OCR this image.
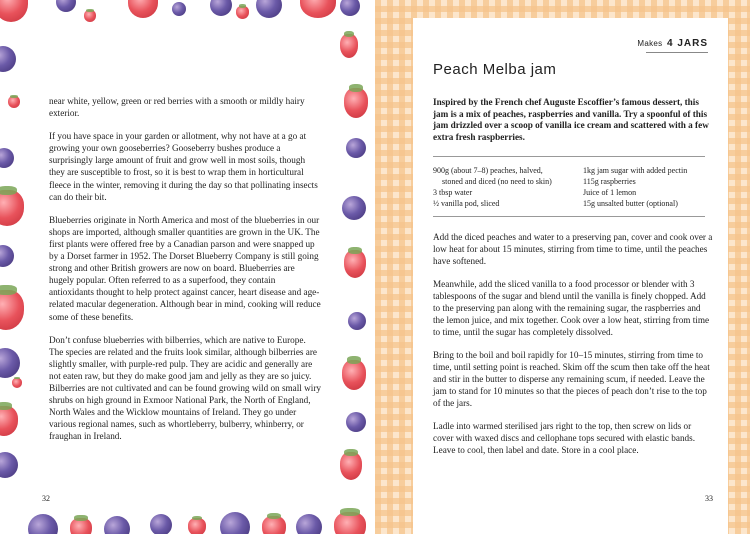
near white, yellow, green or red berries with a smooth or mildly hairy exterior.

If you have space in your garden or allotment, why not have at a go at growing your own gooseberries? Gooseberry bushes produce a surprisingly large amount of fruit and grow well in most soils, though they are susceptible to frost, so it is best to wrap them in horticultural fleece in the winter, removing it during the day so that pollinating insects can do their bit.

Blueberries originate in North America and most of the blueberries in our shops are imported, although smaller quantities are grown in the UK. The first plants were offered free by a Canadian parson and were snapped up by a Dorset farmer in 1952. The Dorset Blueberry Company is still going strong and other British growers are now on board. Blueberries are hugely popular. Often referred to as a superfood, they contain antioxidants thought to help protect against cancer, heart disease and age-related macular degeneration. Although bear in mind, cooking will reduce some of these benefits.

Don’t confuse blueberries with bilberries, which are native to Europe. The species are related and the fruits look similar, although bilberries are slightly smaller, with purple-red pulp. They are acidic and generally are not eaten raw, but they do make good jam and jelly as they are so juicy. Bilberries are not cultivated and can be found growing wild on small wiry shrubs on high ground in Exmoor National Park, the North of England, North Wales and the Wicklow mountains of Ireland. They go under various regional names, such as whortleberry, bulberry, whinberry, or fraughan in Ireland.

32
Makes 4 JARS
Peach Melba jam
Inspired by the French chef Auguste Escoffier’s famous dessert, this jam is a mix of peaches, raspberries and vanilla. Try a spoonful of this jam drizzled over a scoop of vanilla ice cream and scattered with a few extra fresh raspberries.
900g (about 7–8) peaches, halved,
stoned and diced (no need to skin)
3 tbsp water
½ vanilla pod, sliced
1kg jam sugar with added pectin
115g raspberries
Juice of 1 lemon
15g unsalted butter (optional)

Add the diced peaches and water to a preserving pan, cover and cook over a low heat for about 15 minutes, stirring from time to time, until the peaches have softened.

Meanwhile, add the sliced vanilla to a food processor or blender with 3 tablespoons of the sugar and blend until the vanilla is finely chopped. Add to the preserving pan along with the remaining sugar, the raspberries and the lemon juice, and mix together. Cook over a low heat, stirring from time to time, until the sugar has completely dissolved.

Bring to the boil and boil rapidly for 10–15 minutes, stirring from time to time, until setting point is reached. Skim off the scum then take off the heat and stir in the butter to disperse any remaining scum, if needed. Leave the jam to stand for 10 minutes so that the pieces of peach don’t rise to the top of the jars.

Ladle into warmed sterilised jars right to the top, then screw on lids or cover with waxed discs and cellophane tops secured with elastic bands. Leave to cool, then label and date. Store in a cool place.

33
